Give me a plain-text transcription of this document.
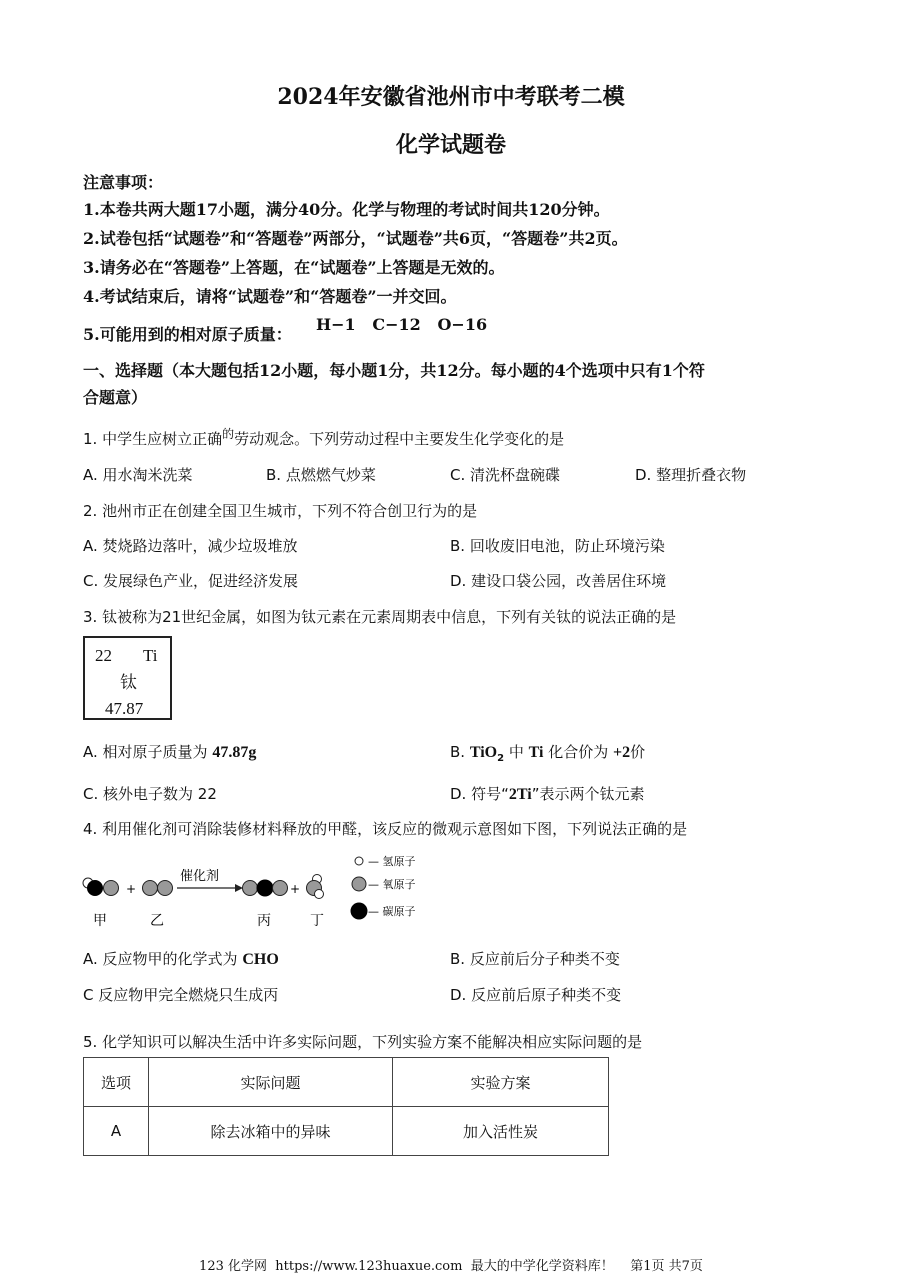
2024年安徽省池州市中考联考二模
化学试题卷
注意事项：
1.本卷共两大题17小题，满分40分。化学与物理的考试时间共120分钟。
2.试卷包括“试题卷”和“答题卷”两部分，“试题卷”共6页，“答题卷”共2页。
3.请务必在“答题卷”上答题，在“试题卷”上答题是无效的。
4.考试结束后，请将“试题卷”和“答题卷”一并交回。
5.可能用到的相对原子质量：
H−1   C−12   O−16
一、选择题（本大题包括12小题，每小题1分，共12分。每小题的4个选项中只有1个符
合题意）
1. 中学生应树立正确$^的$劳动观念。下列劳动过程中主要发生化学变化的是
A. 用水淘米洗菜	B. 点燃燃气炒菜	C. 清洗杯盘碗碟	D. 整理折叠衣物
2. 池州市正在创建全国卫生城市，下列不符合创卫行为的是
A. 焚烧路边落叶，减少垃圾堆放	B. 回收废旧电池，防止环境污染
C. 发展绿色产业，促进经济发展	D. 建设口袋公园，改善居住环境
3. 钛被称为21世纪金属，如图为钛元素在元素周期表中信息，下列有关钛的说法正确的是
22 Ti
钛
47.87
A. 相对原子质量为 47.87g	B. TiO$_2$ 中 Ti 化合价为 +2价
C. 核外电子数为 22	D. 符号“2Ti”表示两个钛元素
4. 利用催化剂可消除装修材料释放的甲醛，该反应的微观示意图如下图，下列说法正确的是
+
催化剂
+
甲	乙	丙	丁
— 氢原子
— 氧原子
— 碳原子
A. 反应物甲的化学式为 CHO	B. 反应前后分子种类不变
C 反应物甲完全燃烧只生成丙	D. 反应前后原子种类不变
5. 化学知识可以解决生活中许多实际问题，下列实验方案不能解决相应实际问题的是
选项	实际问题	实验方案
A	除去冰箱中的异味	加入活性炭
123 化学网  https://www.123huaxue.com  最大的中学化学资料库！    第1页 共7页
